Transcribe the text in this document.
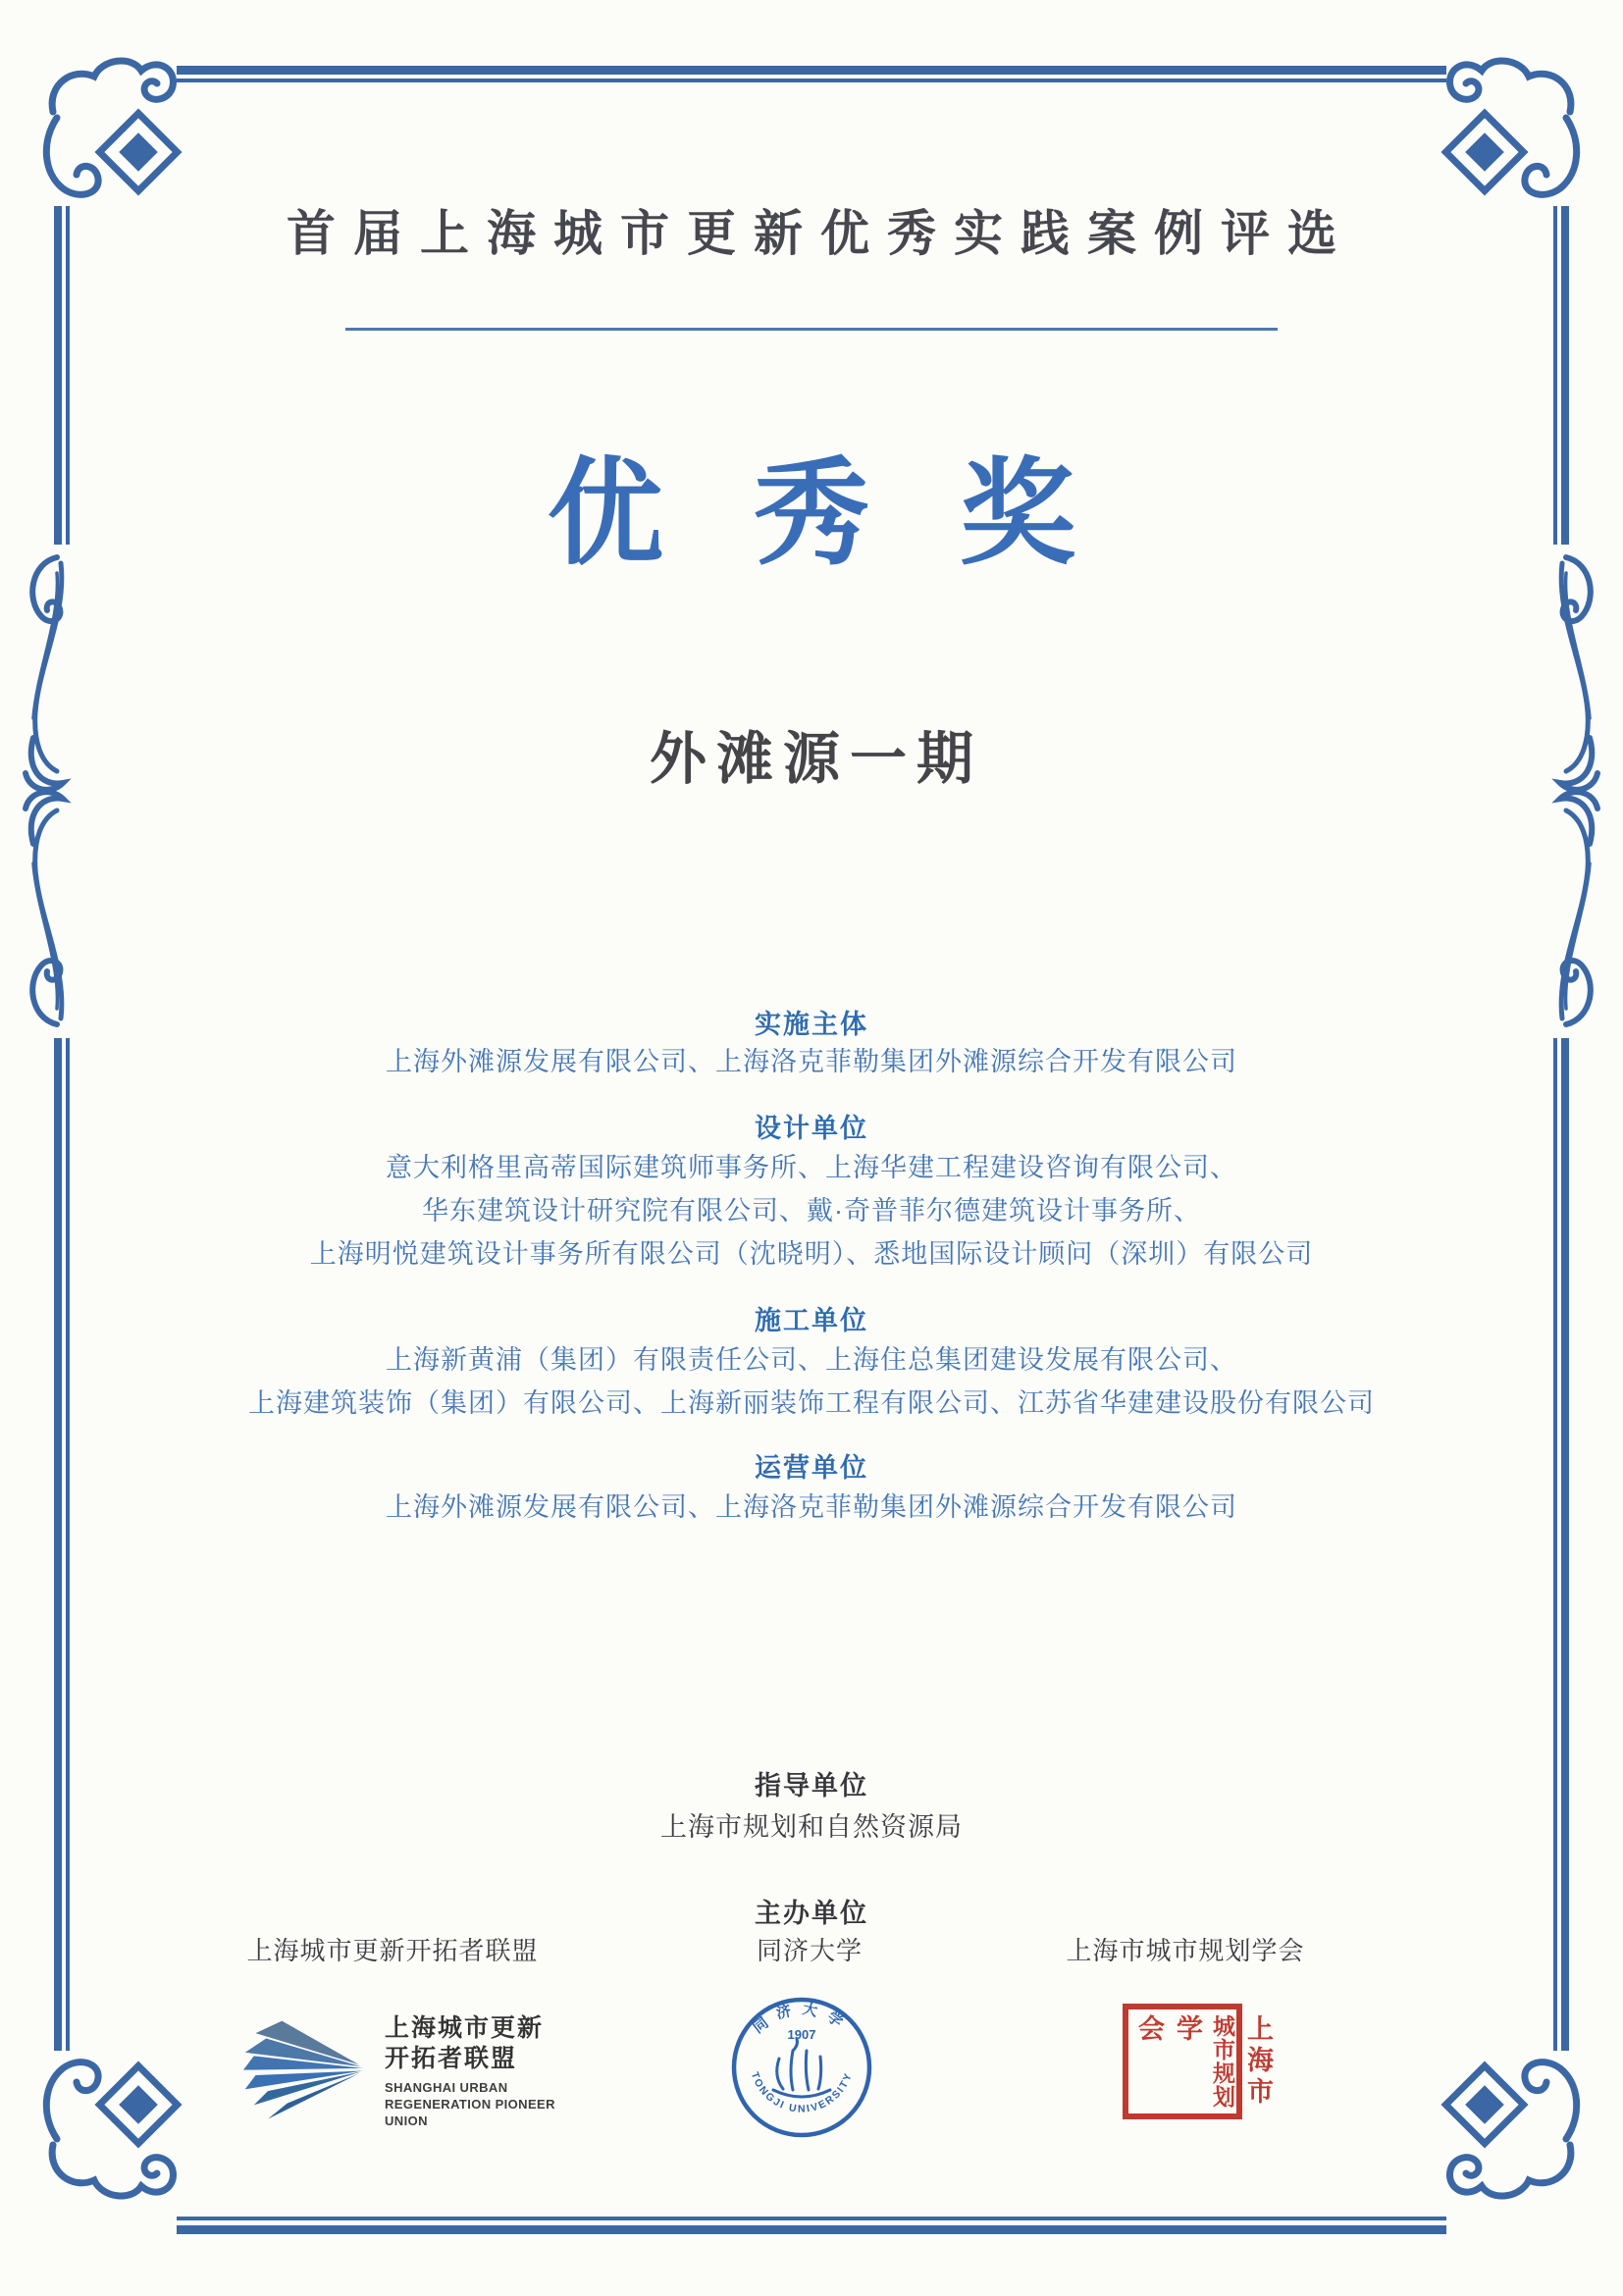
首届上海城市更新优秀实践案例评选
优秀奖
外滩源一期
实施主体
上海外滩源发展有限公司、上海洛克菲勒集团外滩源综合开发有限公司
设计单位
意大利格里高蒂国际建筑师事务所、上海华建工程建设咨询有限公司、
华东建筑设计研究院有限公司、戴·奇普菲尔德建筑设计事务所、
上海明悦建筑设计事务所有限公司（沈晓明）、悉地国际设计顾问（深圳）有限公司
施工单位
上海新黄浦（集团）有限责任公司、上海住总集团建设发展有限公司、
上海建筑装饰（集团）有限公司、上海新丽装饰工程有限公司、江苏省华建建设股份有限公司
运营单位
上海外滩源发展有限公司、上海洛克菲勒集团外滩源综合开发有限公司
指导单位
上海市规划和自然资源局
主办单位
上海城市更新开拓者联盟	同济大学	上海市城市规划学会
上海城市更新
开拓者联盟
SHANGHAI URBAN
REGENERATION PIONEER
UNION
同济大学
1907
TONGJI UNIVERSITY	上海市
城市规划
学会
